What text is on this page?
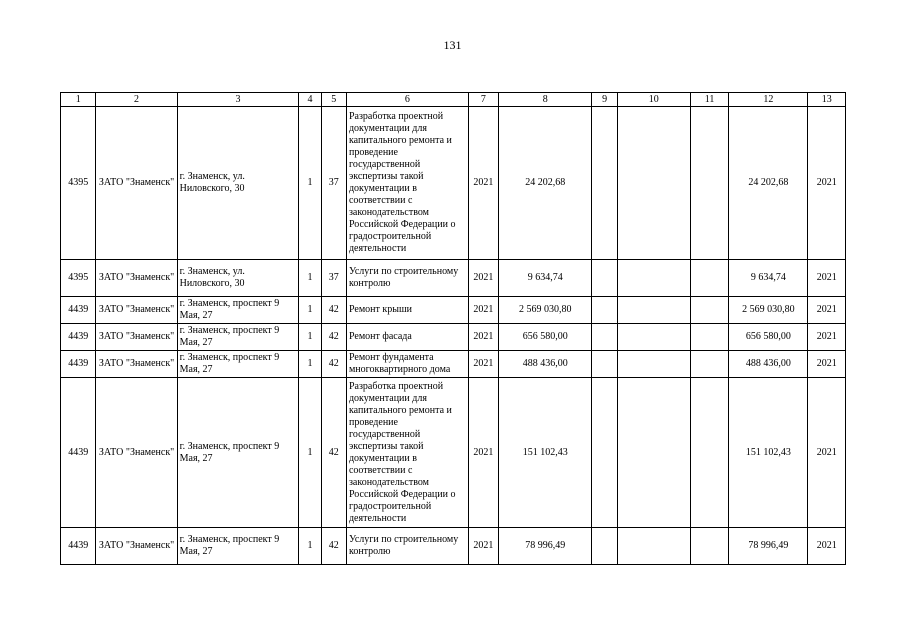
131
1	2	3	4	5	6	7	8	9	10	11	12	13
4395	ЗАТО "Знаменск"	г. Знаменск, ул. Ниловского, 30	1	37	Разработка проектной документации для капитального ремонта и проведение государственной экспертизы такой документации в соответствии с законодательством Российской Федерации о градостроительной деятельности	2021	24 202,68				24 202,68	2021
4395	ЗАТО "Знаменск"	г. Знаменск, ул. Ниловского, 30	1	37	Услуги по строительному контролю	2021	9 634,74				9 634,74	2021
4439	ЗАТО "Знаменск"	г. Знаменск, проспект 9 Мая, 27	1	42	Ремонт крыши	2021	2 569 030,80				2 569 030,80	2021
4439	ЗАТО "Знаменск"	г. Знаменск, проспект 9 Мая, 27	1	42	Ремонт фасада	2021	656 580,00				656 580,00	2021
4439	ЗАТО "Знаменск"	г. Знаменск, проспект 9 Мая, 27	1	42	Ремонт фундамента многоквартирного дома	2021	488 436,00				488 436,00	2021
4439	ЗАТО "Знаменск"	г. Знаменск, проспект 9 Мая, 27	1	42	Разработка проектной документации для капитального ремонта и проведение государственной экспертизы такой документации в соответствии с законодательством Российской Федерации о градостроительной деятельности	2021	151 102,43				151 102,43	2021
4439	ЗАТО "Знаменск"	г. Знаменск, проспект 9 Мая, 27	1	42	Услуги по строительному контролю	2021	78 996,49				78 996,49	2021
